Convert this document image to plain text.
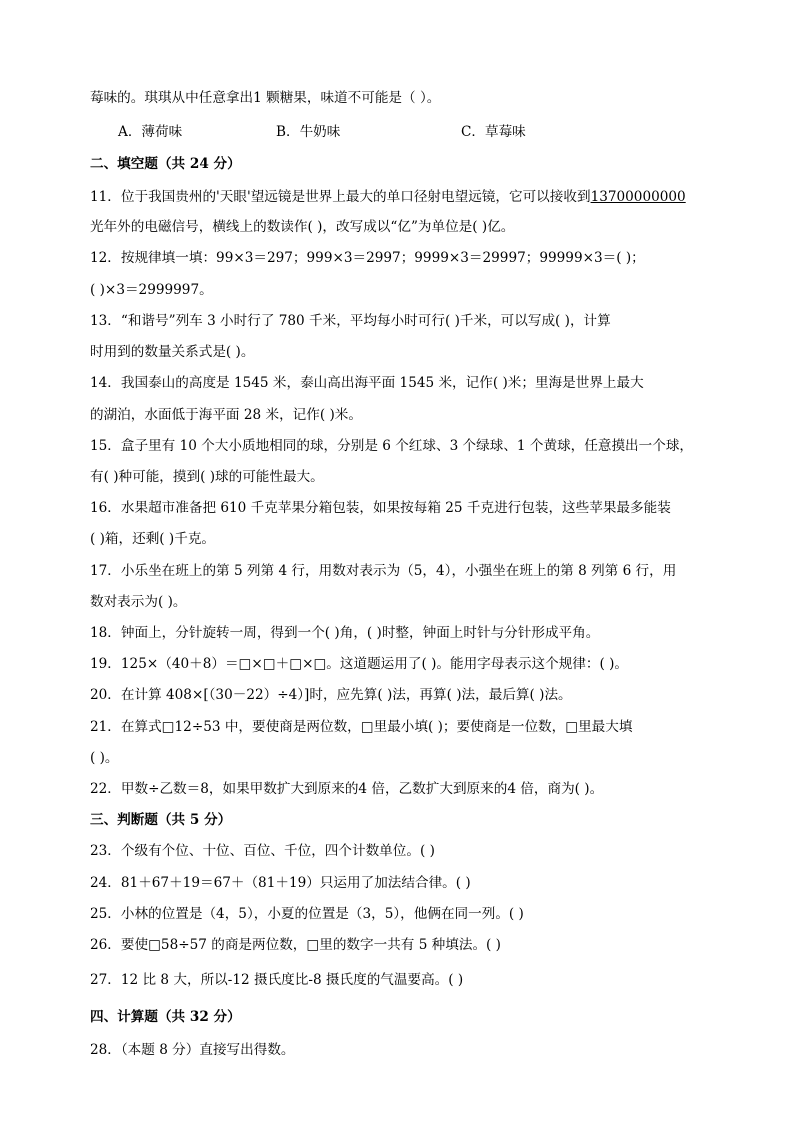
莓味的。琪琪从中任意拿出1 颗糖果，味道不可能是（ ）。
A．薄荷味	B．牛奶味	C．草莓味
二、填空题（共 24 分）
11．位于我国贵州的'天眼'望远镜是世界上最大的单口径射电望远镜，它可以接收到13700000000
光年外的电磁信号，横线上的数读作( )，改写成以“亿”为单位是( )亿。
12．按规律填一填：99×3＝297；999×3＝2997；9999×3＝29997；99999×3＝( )；
( )×3＝2999997。
13．“和谐号”列车 3 小时行了 780 千米，平均每小时可行( )千米，可以写成( )，计算
时用到的数量关系式是( )。
14．我国泰山的高度是 1545 米，泰山高出海平面 1545 米，记作( )米；里海是世界上最大
的湖泊，水面低于海平面 28 米，记作( )米。
15．盒子里有 10 个大小质地相同的球，分别是 6 个红球、3 个绿球、1 个黄球，任意摸出一个球，
有( )种可能，摸到( )球的可能性最大。
16．水果超市准备把 610 千克苹果分箱包装，如果按每箱 25 千克进行包装，这些苹果最多能装
( )箱，还剩( )千克。
17．小乐坐在班上的第 5 列第 4 行，用数对表示为（5，4），小强坐在班上的第 8 列第 6 行，用
数对表示为( )。
18．钟面上，分针旋转一周，得到一个( )角，( )时整，钟面上时针与分针形成平角。
19．125×（40＋8）＝□×□＋□×□。这道题运用了( )。能用字母表示这个规律：( )。
20．在计算 408×[（30－22）÷4）]时，应先算( )法，再算( )法，最后算( )法。
21．在算式□12÷53 中，要使商是两位数，□里最小填( )；要使商是一位数，□里最大填
( )。
22．甲数÷乙数＝8，如果甲数扩大到原来的4 倍，乙数扩大到原来的4 倍，商为( )。
三、判断题（共 5 分）
23．个级有个位、十位、百位、千位，四个计数单位。( )
24．81＋67＋19＝67＋（81＋19）只运用了加法结合律。( )
25．小林的位置是（4，5），小夏的位置是（3，5），他俩在同一列。( )
26．要使□58÷57 的商是两位数，□里的数字一共有 5 种填法。( )
27．12 比 8 大，所以-12 摄氏度比-8 摄氏度的气温要高。( )
四、计算题（共 32 分）
28．（本题 8 分）直接写出得数。
